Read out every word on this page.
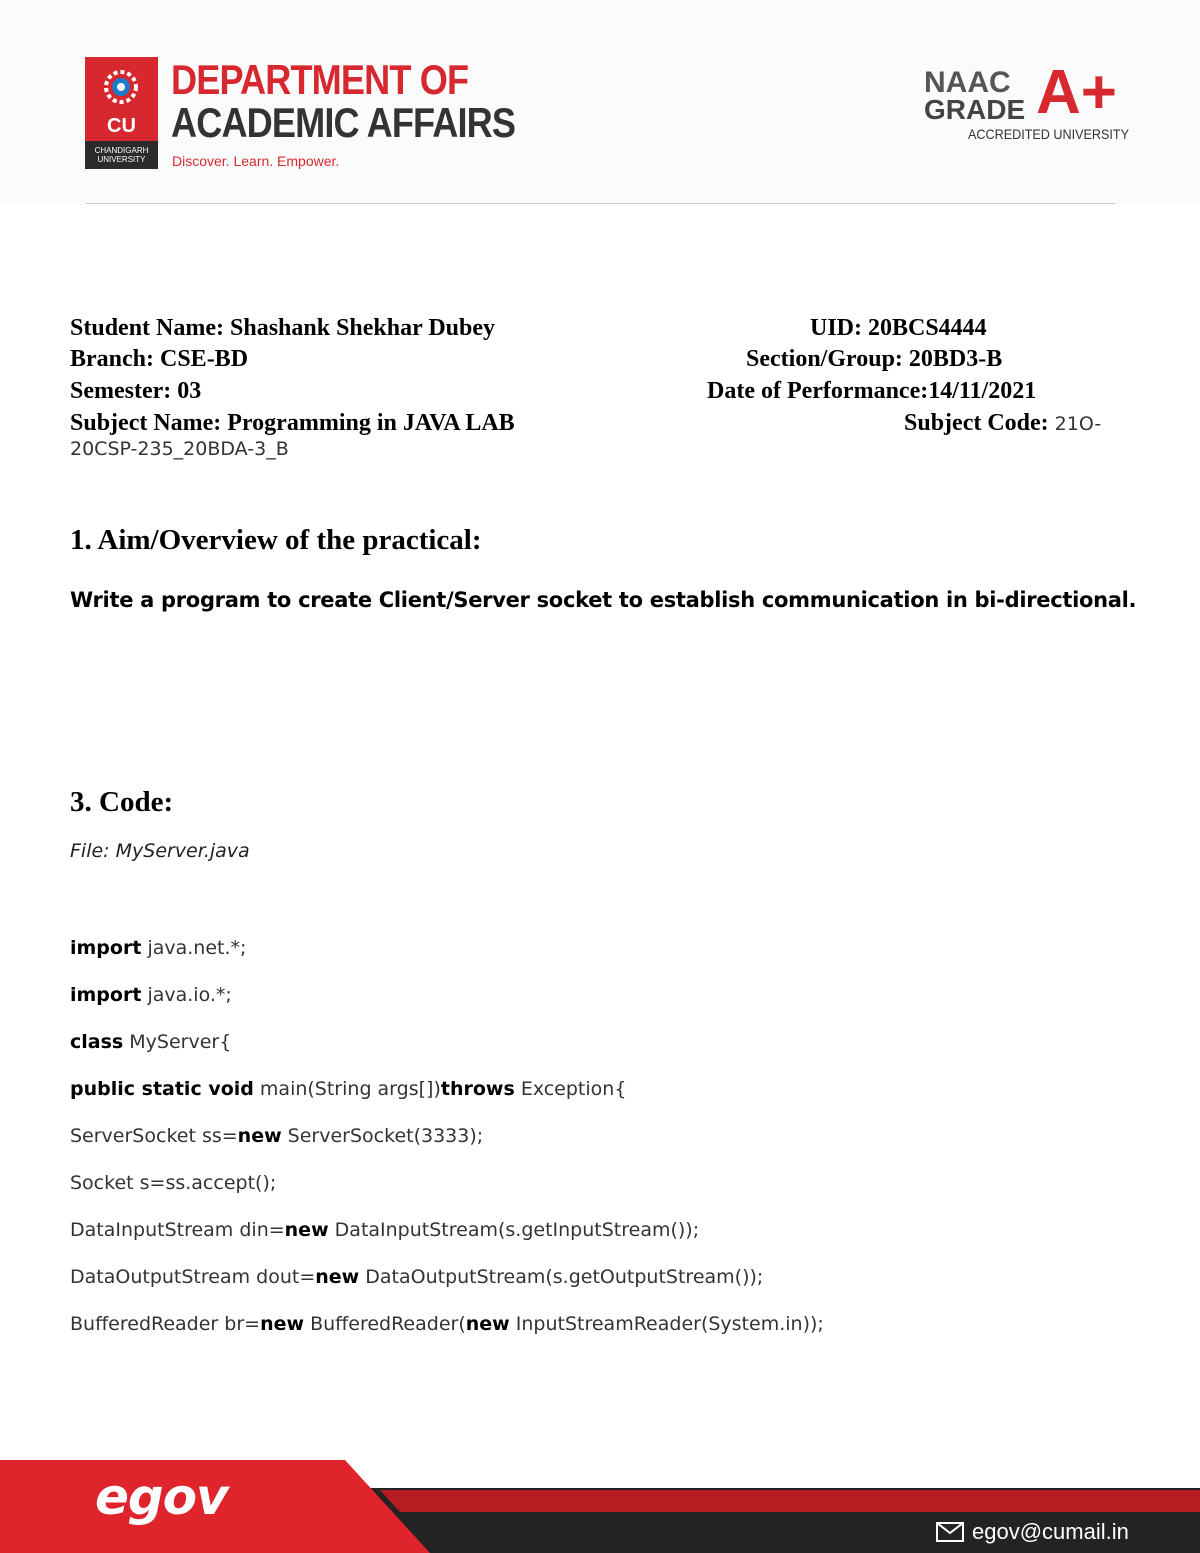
CU
CHANDIGARH UNIVERSITY
DEPARTMENT OF
ACADEMIC AFFAIRS
Discover. Learn. Empower.
NAAC
GRADE A+
ACCREDITED UNIVERSITY
Student Name: Shashank Shekhar Dubey	UID: 20BCS4444
Branch: CSE-BD	Section/Group: 20BD3-B
Semester: 03	Date of Performance:14/11/2021
Subject Name: Programming in JAVA LAB	Subject Code: 21O-
20CSP-235_20BDA-3_B
1. Aim/Overview of the practical:
Write a program to create Client/Server socket to establish communication in bi-directional.
3. Code:
File: MyServer.java
import java.net.*;
import java.io.*;
class MyServer{
public static void main(String args[])throws Exception{
ServerSocket ss=new ServerSocket(3333);
Socket s=ss.accept();
DataInputStream din=new DataInputStream(s.getInputStream());
DataOutputStream dout=new DataOutputStream(s.getOutputStream());
BufferedReader br=new BufferedReader(new InputStreamReader(System.in));
egov
egov@cumail.in
